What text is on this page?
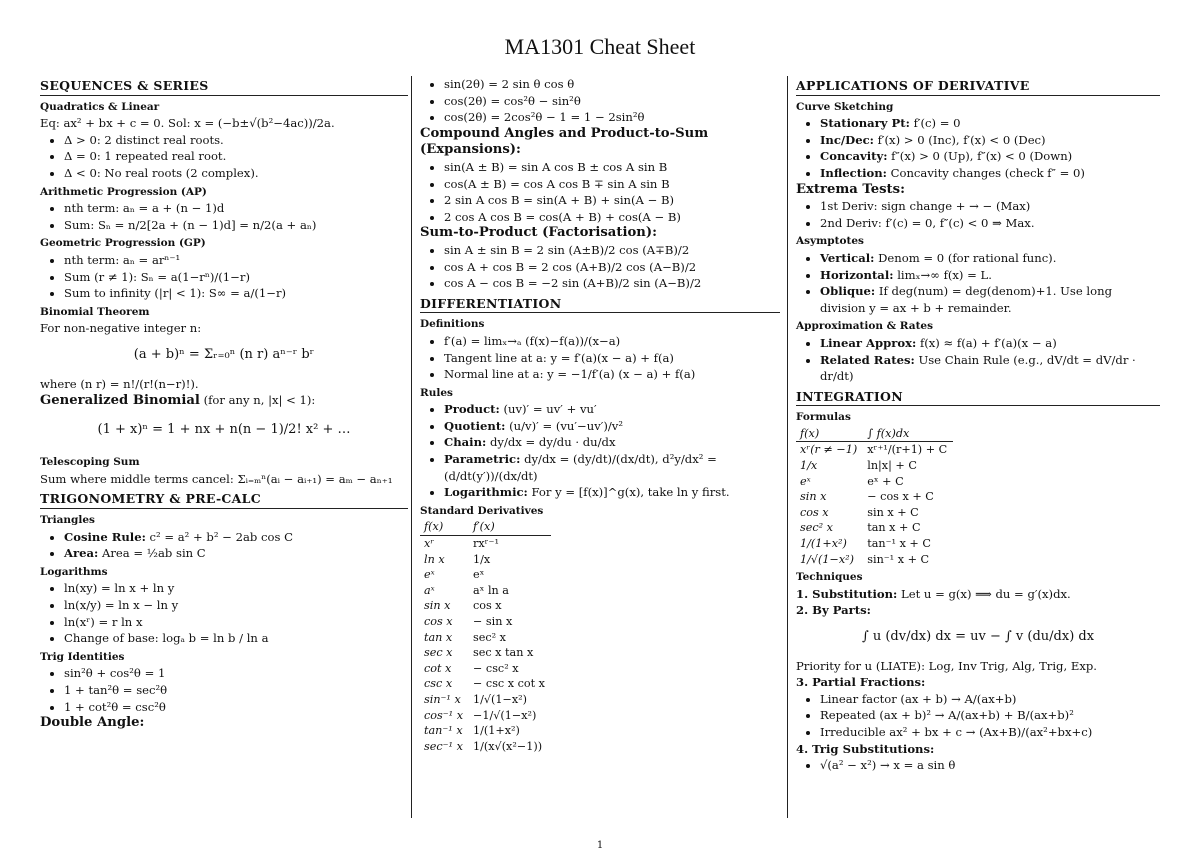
MA1301 Cheat Sheet
SEQUENCES & SERIES
Quadratics & Linear

Eq: ax² + bx + c = 0. Sol: x = (−b±√(b²−4ac))/2a.

• Δ > 0: 2 distinct real roots.
• Δ = 0: 1 repeated real root.
• Δ < 0: No real roots (2 complex).
Arithmetic Progression (AP)
• nth term: aₙ = a + (n − 1)d
• Sum: Sₙ = n/2[2a + (n − 1)d] = n/2(a + aₙ)
Geometric Progression (GP)
• nth term: aₙ = arⁿ⁻¹
• Sum (r ≠ 1): Sₙ = a(1−rⁿ)/(1−r)
• Sum to infinity (|r| < 1): S∞ = a/(1−r)
Binomial Theorem

For non-negative integer n:

(a + b)ⁿ = Σᵣ₌₀ⁿ (n r) aⁿ⁻ʳ bʳ

where (n r) = n!/(r!(n−r)!).

Generalized Binomial (for any n, |x| < 1):

(1 + x)ⁿ = 1 + nx + n(n − 1)/2! x² + …
Telescoping Sum

Sum where middle terms cancel: Σᵢ₌ₘⁿ(aᵢ − aᵢ₊₁) = aₘ − aₙ₊₁

TRIGONOMETRY & PRE-CALC
Triangles
• Cosine Rule: c² = a² + b² − 2ab cos C
• Area: Area = ½ab sin C
Logarithms
• ln(xy) = ln x + ln y
• ln(x/y) = ln x − ln y
• ln(xʳ) = r ln x
• Change of base: logₐ b = ln b / ln a
Trig Identities
• sin²θ + cos²θ = 1
• 1 + tan²θ = sec²θ
• 1 + cot²θ = csc²θ
Double Angle:
• sin(2θ) = 2 sin θ cos θ
• cos(2θ) = cos²θ − sin²θ
• cos(2θ) = 2cos²θ − 1 = 1 − 2sin²θ
Compound Angles and Product-to-Sum (Expansions):
• sin(A ± B) = sin A cos B ± cos A sin B
• cos(A ± B) = cos A cos B ∓ sin A sin B
• 2 sin A cos B = sin(A + B) + sin(A − B)
• 2 cos A cos B = cos(A + B) + cos(A − B)
Sum-to-Product (Factorisation):
• sin A ± sin B = 2 sin (A±B)/2 cos (A∓B)/2
• cos A + cos B = 2 cos (A+B)/2 cos (A−B)/2
• cos A − cos B = −2 sin (A+B)/2 sin (A−B)/2
DIFFERENTIATION
Definitions
• f′(a) = limₓ→ₐ (f(x)−f(a))/(x−a)
• Tangent line at a: y = f′(a)(x − a) + f(a)
• Normal line at a: y = −1/f′(a) (x − a) + f(a)
Rules
• Product: (uv)′ = uv′ + vu′
• Quotient: (u/v)′ = (vu′−uv′)/v²
• Chain: dy/dx = dy/du · du/dx
• Parametric: dy/dx = (dy/dt)/(dx/dt), d²y/dx² = (d/dt(y′))/(dx/dt)
• Logarithmic: For y = [f(x)]^g(x), take ln y first.
Standard Derivatives
f(x)	f′(x)
xʳ	rxʳ⁻¹
ln x	1/x
eˣ	eˣ
aˣ	aˣ ln a
sin x	cos x
cos x	− sin x
tan x	sec² x
sec x	sec x tan x
cot x	− csc² x
csc x	− csc x cot x
sin⁻¹ x	1/√(1−x²)
cos⁻¹ x	−1/√(1−x²)
tan⁻¹ x	1/(1+x²)
sec⁻¹ x	1/(x√(x²−1))
APPLICATIONS OF DERIVATIVE
Curve Sketching
• Stationary Pt: f′(c) = 0
• Inc/Dec: f′(x) > 0 (Inc), f′(x) < 0 (Dec)
• Concavity: f″(x) > 0 (Up), f″(x) < 0 (Down)
• Inflection: Concavity changes (check f″ = 0)
Extrema Tests:
• 1st Deriv: sign change + → − (Max)
• 2nd Deriv: f′(c) = 0, f″(c) < 0 ⇒ Max.
Asymptotes
• Vertical: Denom = 0 (for rational func).
• Horizontal: limₓ→∞ f(x) = L.
• Oblique: If deg(num) = deg(denom)+1. Use long division y = ax + b + remainder.
Approximation & Rates
• Linear Approx: f(x) ≈ f(a) + f′(a)(x − a)
• Related Rates: Use Chain Rule (e.g., dV/dt = dV/dr · dr/dt)
INTEGRATION
Formulas
f(x)	∫ f(x)dx
xʳ(r ≠ −1)	xʳ⁺¹/(r+1) + C
1/x	ln|x| + C
eˣ	eˣ + C
sin x	− cos x + C
cos x	sin x + C
sec² x	tan x + C
1/(1+x²)	tan⁻¹ x + C
1/√(1−x²)	sin⁻¹ x + C
Techniques

1. Substitution: Let u = g(x) ⟹ du = g′(x)dx.

2. By Parts:

∫ u (dv/dx) dx = uv − ∫ v (du/dx) dx

Priority for u (LIATE): Log, Inv Trig, Alg, Trig, Exp.

3. Partial Fractions:

• Linear factor (ax + b) → A/(ax+b)
• Repeated (ax + b)² → A/(ax+b) + B/(ax+b)²
• Irreducible ax² + bx + c → (Ax+B)/(ax²+bx+c)

4. Trig Substitutions:

• √(a² − x²) → x = a sin θ
1
